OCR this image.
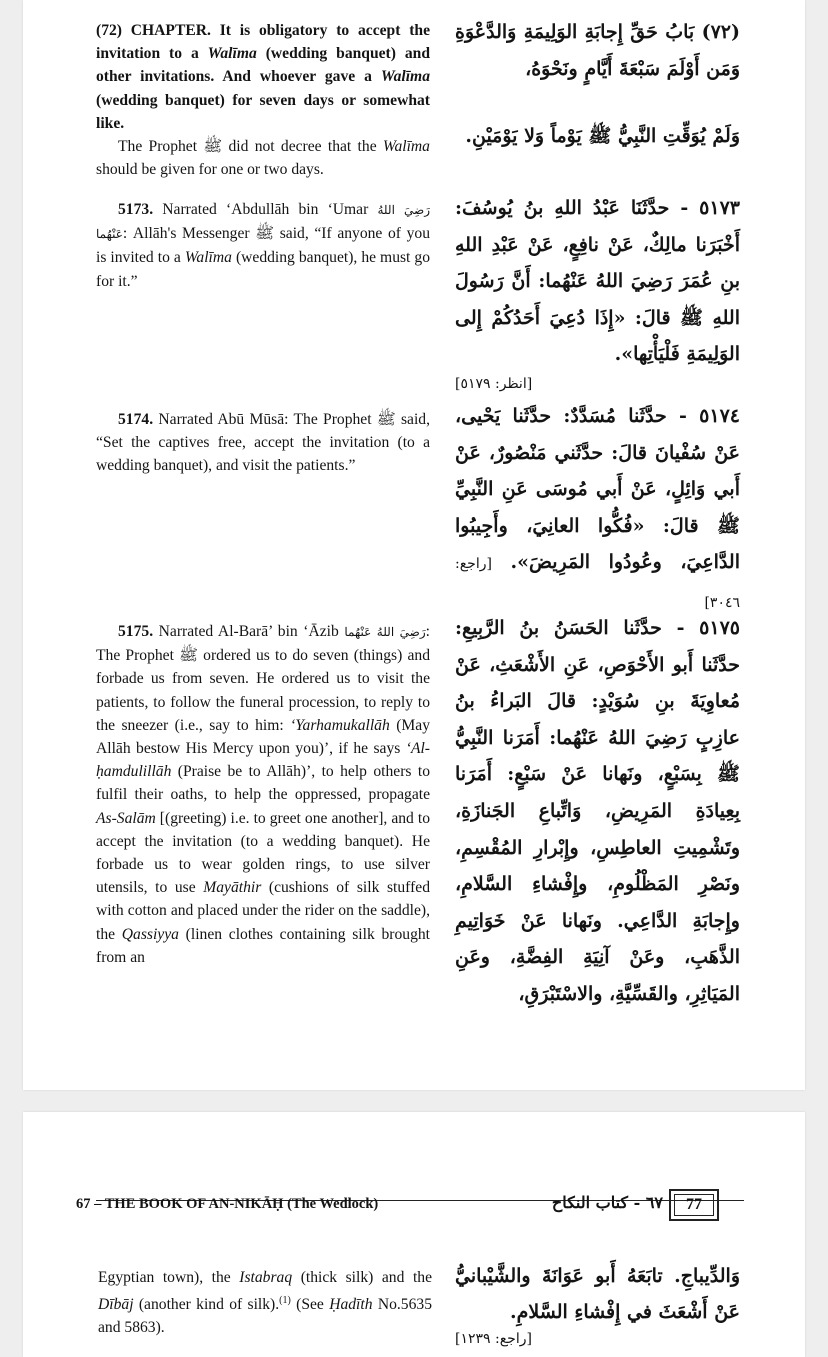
(72) CHAPTER. It is obligatory to accept the invitation to a Walīma (wedding banquet) and other invitations. And whoever gave a Walīma (wedding banquet) for seven days or somewhat like.

The Prophet ﷺ did not decree that the Walīma should be given for one or two days.

(٧٢) بَابُ حَقِّ إِجابَةِ الوَلِيمَةِ وَالدَّعْوَةِ وَمَن أَوْلَمَ سَبْعَةَ أَيَّامٍ ونَحْوَهُ،
وَلَمْ يُوَقِّتِ النَّبِيُّ ﷺ يَوْماً وَلا يَوْمَيْنِ.

5173. Narrated ‘Abdullāh bin ‘Umar رَضِيَ اللهُ عَنْهُما: Allāh's Messenger ﷺ said, “If anyone of you is invited to a Walīma (wedding banquet), he must go for it.”

٥١٧٣ - حدَّثَنَا عَبْدُ اللهِ بنُ يُوسُفَ: أَخْبَرَنا مالِكٌ، عَنْ نافِعٍ، عَنْ عَبْدِ اللهِ بنِ عُمَرَ رَضِيَ اللهُ عَنْهُما: أَنَّ رَسُولَ اللهِ ﷺ قالَ: «إِذَا دُعِيَ أَحَدُكُمْ إِلى الوَلِيمَةِ فَلْيَأْتِها».
[انظر: ٥١٧٩]

5174. Narrated Abū Mūsā: The Prophet ﷺ said, “Set the captives free, accept the invitation (to a wedding banquet), and visit the patients.”

٥١٧٤ - حدَّثَنا مُسَدَّدٌ: حدَّثَنا يَحْيى، عَنْ سُفْيانَ قالَ: حدَّثَني مَنْصُورٌ، عَنْ أَبي وَائِلٍ، عَنْ أَبي مُوسَى عَنِ النَّبِيِّ ﷺ قالَ: «فُكُّوا العانِيَ، وأَجِيبُوا الدَّاعِيَ، وعُودُوا المَرِيضَ». [راجع: ٣٠٤٦]

5175. Narrated Al-Barā’ bin ‘Āzib رَضِيَ اللهُ عَنْهُما: The Prophet ﷺ ordered us to do seven (things) and forbade us from seven. He ordered us to visit the patients, to follow the funeral procession, to reply to the sneezer (i.e., say to him: ‘Yarhamukallāh (May Allāh bestow His Mercy upon you)’, if he says ‘Al-ḥamdulillāh (Praise be to Allāh)’, to help others to fulfil their oaths, to help the oppressed, propagate As-Salām [(greeting) i.e. to greet one another], and to accept the invitation (to a wedding banquet). He forbade us to wear golden rings, to use silver utensils, to use Mayāthir (cushions of silk stuffed with cotton and placed under the rider on the saddle), the Qassiyya (linen clothes containing silk brought from an

٥١٧٥ - حدَّثَنا الحَسَنُ بنُ الرَّبِيعِ: حدَّثَنا أَبو الأَحْوَصِ، عَنِ الأَشْعَثِ، عَنْ مُعاوِيَةَ بنِ سُوَيْدٍ: قالَ البَراءُ بنُ عازِبٍ رَضِيَ اللهُ عَنْهُما: أَمَرَنا النَّبِيُّ ﷺ بِسَبْعٍ، ونَهانا عَنْ سَبْعٍ: أَمَرَنا بِعِيادَةِ المَرِيضِ، وَاتِّباعِ الجَنازَةِ، وتَشْمِيتِ العاطِسِ، وإِبْرارِ المُقْسِمِ، ونَصْرِ المَظْلُومِ، وإِفْشاءِ السَّلامِ، وإِجابَةِ الدَّاعِي. ونَهانا عَنْ خَوَاتِيمِ الذَّهَبِ، وعَنْ آنِيَةِ الفِضَّةِ، وعَنِ المَيَاثِرِ، والقَسِّيَّةِ، والاسْتَبْرَقِ،
67 – THE BOOK OF AN-NIKĀḤ (The Wedlock)	٦٧ - كتاب النكاح	77

Egyptian town), the Istabraq (thick silk) and the Dībāj (another kind of silk).$^{(1)}$ (See Ḥadīth No.5635 and 5863).

وَالدِّيباجِ. تابَعَهُ أَبو عَوَانَةَ والشَّيْبانيُّ عَنْ أَشْعَثَ في إِفْشاءِ السَّلامِ.
[راجع: ١٢٣٩]
